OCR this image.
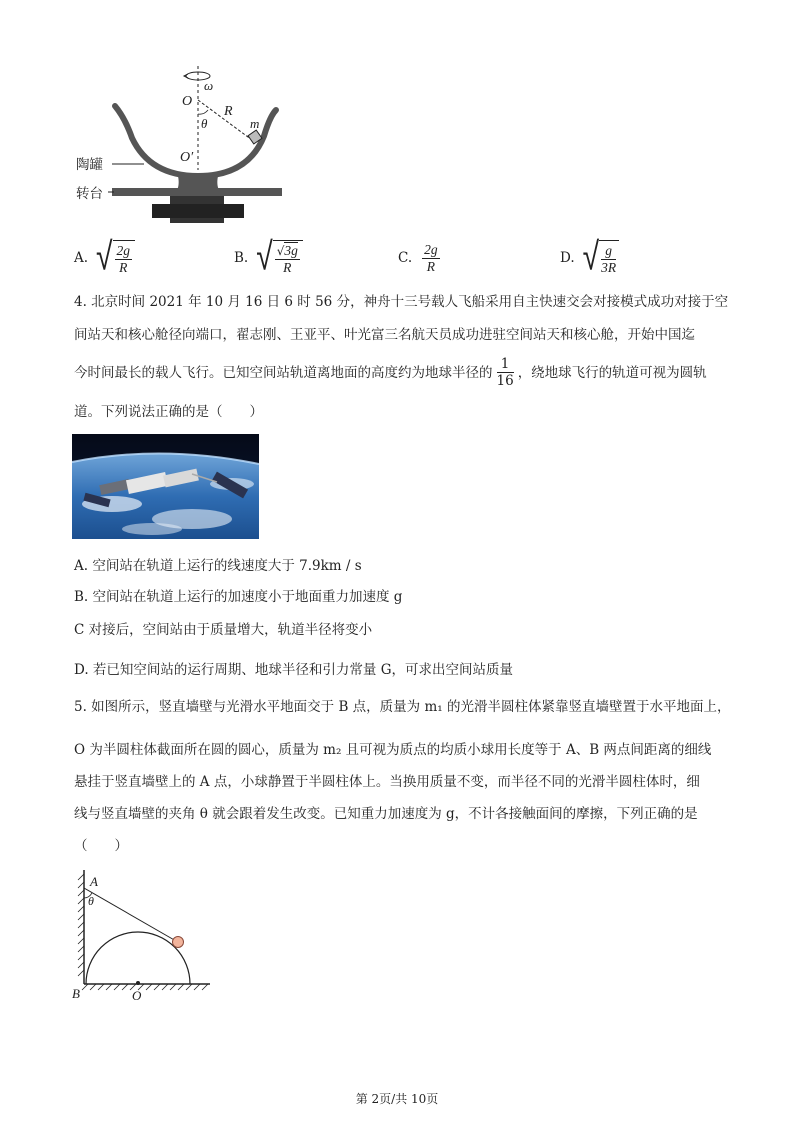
ω
O
R
m
θ
O′
陶罐
转台
A. √ $\frac{2g}{R}$	B. √ $\frac{√3g}{R}$	C. $\frac{2g}{R}$	D. √ $\frac{g}{3R}$
4. 北京时间 2021 年 10 月 16 日 6 时 56 分，神舟十三号载人飞船采用自主快速交会对接模式成功对接于空
间站天和核心舱径向端口，翟志刚、王亚平、叶光富三名航天员成功进驻空间站天和核心舱，开始中国迄
今时间最长的载人飞行。已知空间站轨道离地面的高度约为地球半径的 $\frac{1}{16}$ ，绕地球飞行的轨道可视为圆轨
道。下列说法正确的是（　　）
A. 空间站在轨道上运行的线速度大于 7.9km / s
B. 空间站在轨道上运行的加速度小于地面重力加速度 g
C 对接后，空间站由于质量增大，轨道半径将变小
D. 若已知空间站的运行周期、地球半径和引力常量 G，可求出空间站质量
5. 如图所示，竖直墙壁与光滑水平地面交于 B 点，质量为 m₁ 的光滑半圆柱体紧靠竖直墙壁置于水平地面上，
O 为半圆柱体截面所在圆的圆心，质量为 m₂ 且可视为质点的均质小球用长度等于 A、B 两点间距离的细线
悬挂于竖直墙壁上的 A 点，小球静置于半圆柱体上。当换用质量不变，而半径不同的光滑半圆柱体时，细
线与竖直墙壁的夹角 θ 就会跟着发生改变。已知重力加速度为 g，不计各接触面间的摩擦，下列正确的是
（　　）
A
θ
B	O
第 2页/共 10页
